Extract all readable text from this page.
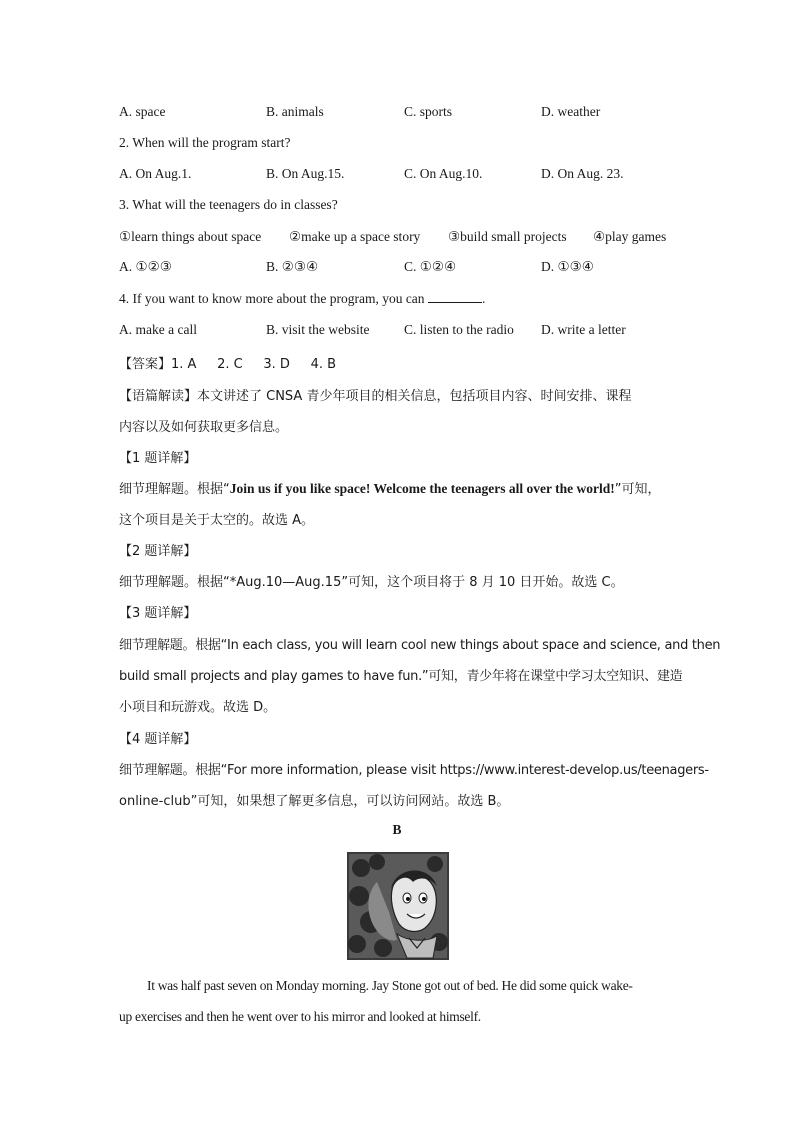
A. space	B. animals	C. sports	D. weather
2. When will the program start?
A. On Aug.1.	B. On Aug.15.	C. On Aug.10.	D. On Aug. 23.
3. What will the teenagers do in classes?
①learn things about space ②make up a space story ③build small projects ④play games
A. ①②③	B. ②③④	C. ①②④	D. ①③④
4. If you want to know more about the program, you can	.
A. make a call	B. visit the website	C. listen to the radio D. write a letter
【答案】1. A     2. C     3. D     4. B
【语篇解读】本文讲述了 CNSA 青少年项目的相关信息，包括项目内容、时间安排、课程
内容以及如何获取更多信息。
【1 题详解】
细节理解题。根据“Join us if you like space! Welcome the teenagers all over the world!”可知，
这个项目是关于太空的。故选 A。
【2 题详解】
细节理解题。根据“*Aug.10—Aug.15”可知，这个项目将于 8 月 10 日开始。故选 C。
【3 题详解】
细节理解题。根据“In each class, you will learn cool new things about space and science, and then
build small projects and play games to have fun.”可知，青少年将在课堂中学习太空知识、建造
小项目和玩游戏。故选 D。
【4 题详解】
细节理解题。根据“For more information, please visit https://www.interest-develop.us/teenagers-
online-club”可知，如果想了解更多信息，可以访问网站。故选 B。
B
It was half past seven on Monday morning. Jay Stone got out of bed. He did some quick wake-
up exercises and then he went over to his mirror and looked at himself.
